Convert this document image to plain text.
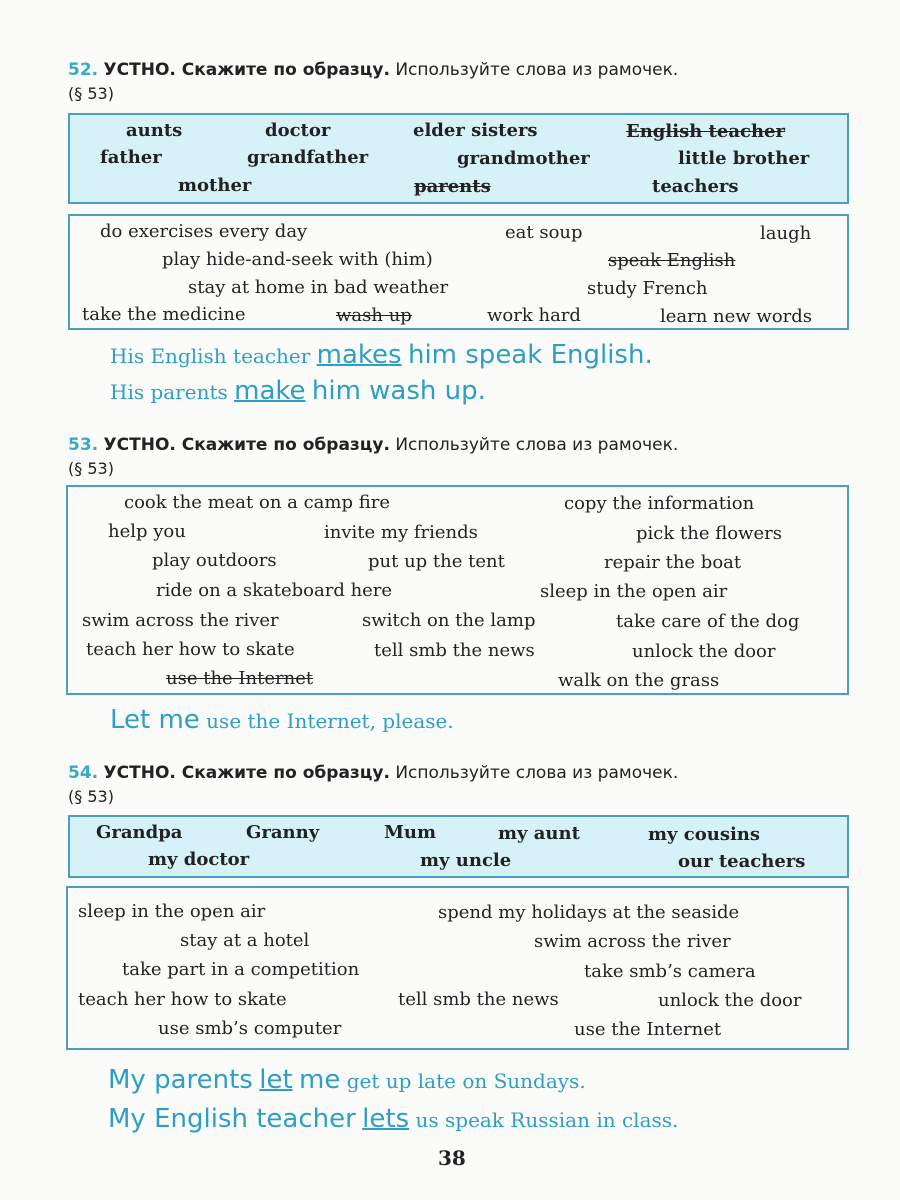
52. УСТНО. Скажите по образцу. Используйте слова из рамочек.
(§ 53)
aunts	doctor	elder sisters	English teacher
father	grandfather	grandmother	little brother
mother	parents	teachers
do exercises every day	eat soup	laugh
play hide-and-seek with (him)	speak English
stay at home in bad weather	study French
take the medicine	wash up	work hard	learn new words
His English teacher makes him speak English.
His parents make him wash up.
53. УСТНО. Скажите по образцу. Используйте слова из рамочек.
(§ 53)
cook the meat on a camp fire	copy the information
help you	invite my friends	pick the flowers
play outdoors	put up the tent	repair the boat
ride on a skateboard here	sleep in the open air
swim across the river	switch on the lamp	take care of the dog
teach her how to skate	tell smb the news	unlock the door
use the Internet	walk on the grass
Let me use the Internet, please.
54. УСТНО. Скажите по образцу. Используйте слова из рамочек.
(§ 53)
Grandpa	Granny	Mum	my aunt	my cousins
my doctor	my uncle	our teachers
sleep in the open air	spend my holidays at the seaside
stay at a hotel	swim across the river
take part in a competition	take smb’s camera
teach her how to skate	tell smb the news	unlock the door
use smb’s computer	use the Internet
My parents let me get up late on Sundays.
My English teacher lets us speak Russian in class.
38
